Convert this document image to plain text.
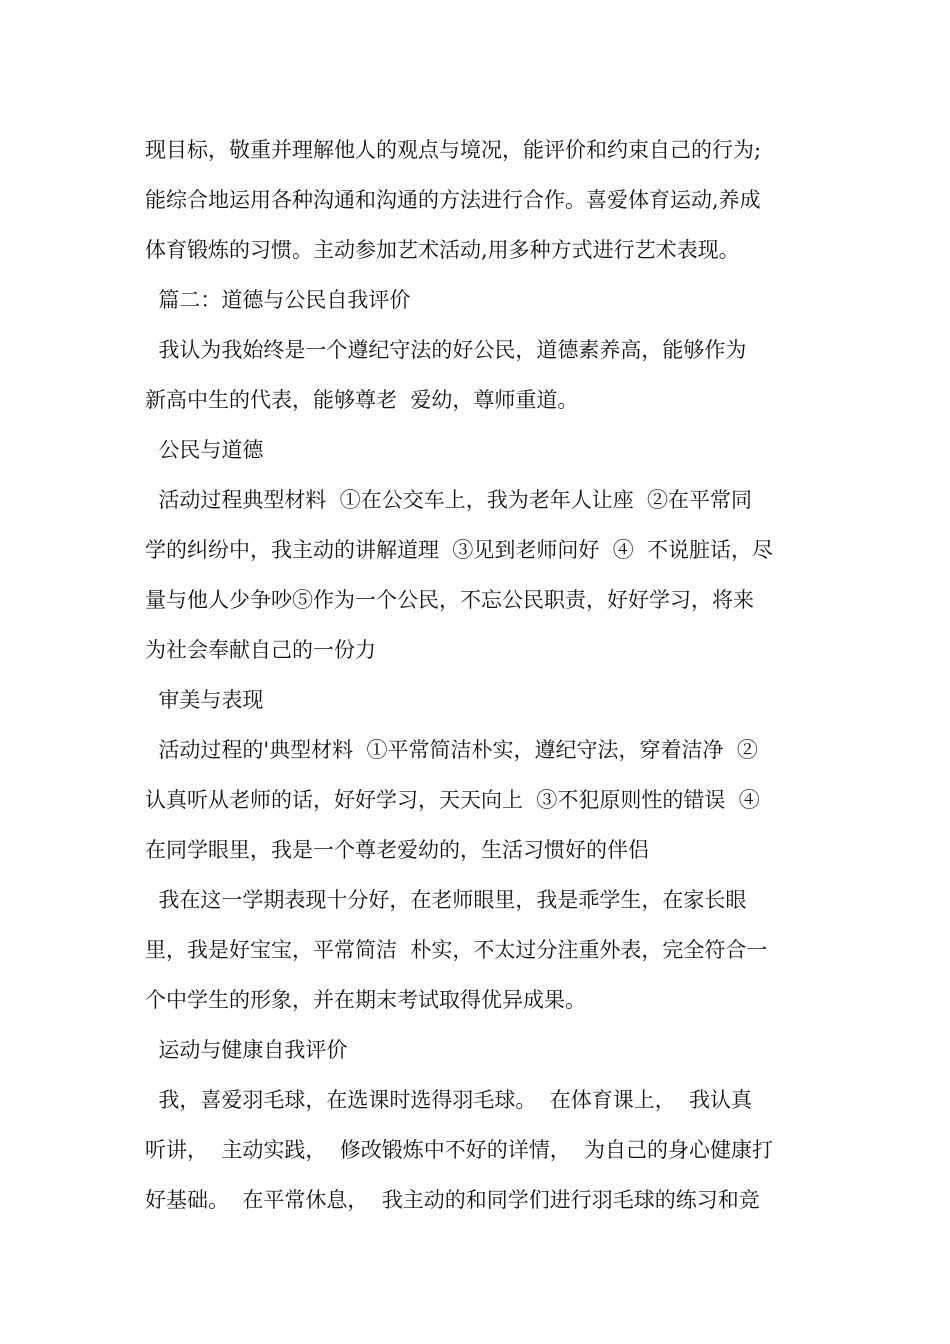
现目标，敬重并理解他人的观点与境况，能评价和约束自己的行为;

能综合地运用各种沟通和沟通的方法进行合作。喜爱体育运动,养成

体育锻炼的习惯。主动参加艺术活动,用多种方式进行艺术表现。

篇二：道德与公民自我评价

我认为我始终是一个遵纪守法的好公民，道德素养高，能够作为

新高中生的代表，能够尊老  爱幼，尊师重道。

公民与道德

活动过程典型材料  ①在公交车上，我为老年人让座  ②在平常同

学的纠纷中，我主动的讲解道理  ③见到老师问好  ④  不说脏话，尽

量与他人少争吵⑤作为一个公民，不忘公民职责，好好学习，将来

为社会奉献自己的一份力

审美与表现

活动过程的'典型材料  ①平常简洁朴实，遵纪守法，穿着洁净  ②

认真听从老师的话，好好学习，天天向上  ③不犯原则性的错误  ④

在同学眼里，我是一个尊老爱幼的，生活习惯好的伴侣

我在这一学期表现十分好，在老师眼里，我是乖学生，在家长眼

里，我是好宝宝，平常简洁  朴实，不太过分注重外表，完全符合一

个中学生的形象，并在期末考试取得优异成果。

运动与健康自我评价

我，喜爱羽毛球，在选课时选得羽毛球。  在体育课上，  我认真

听讲，  主动实践，  修改锻炼中不好的详情，  为自己的身心健康打

好基础。  在平常休息，  我主动的和同学们进行羽毛球的练习和竞
